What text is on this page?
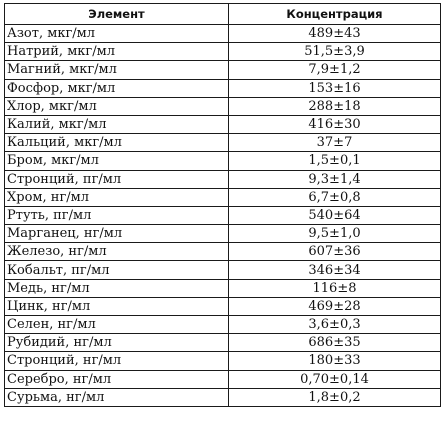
Элемент	Концентрация
Азот, мкг/мл	489±43
Натрий, мкг/мл	51,5±3,9
Магний, мкг/мл	7,9±1,2
Фосфор, мкг/мл	153±16
Хлор, мкг/мл	288±18
Калий, мкг/мл	416±30
Кальций, мкг/мл	37±7
Бром, мкг/мл	1,5±0,1
Стронций, пг/мл	9,3±1,4
Хром, нг/мл	6,7±0,8
Ртуть, пг/мл	540±64
Марганец, нг/мл	9,5±1,0
Железо, нг/мл	607±36
Кобальт, пг/мл	346±34
Медь, нг/мл	116±8
Цинк, нг/мл	469±28
Селен, нг/мл	3,6±0,3
Рубидий, нг/мл	686±35
Стронций, нг/мл	180±33
Серебро, нг/мл	0,70±0,14
Сурьма, нг/мл	1,8±0,2
